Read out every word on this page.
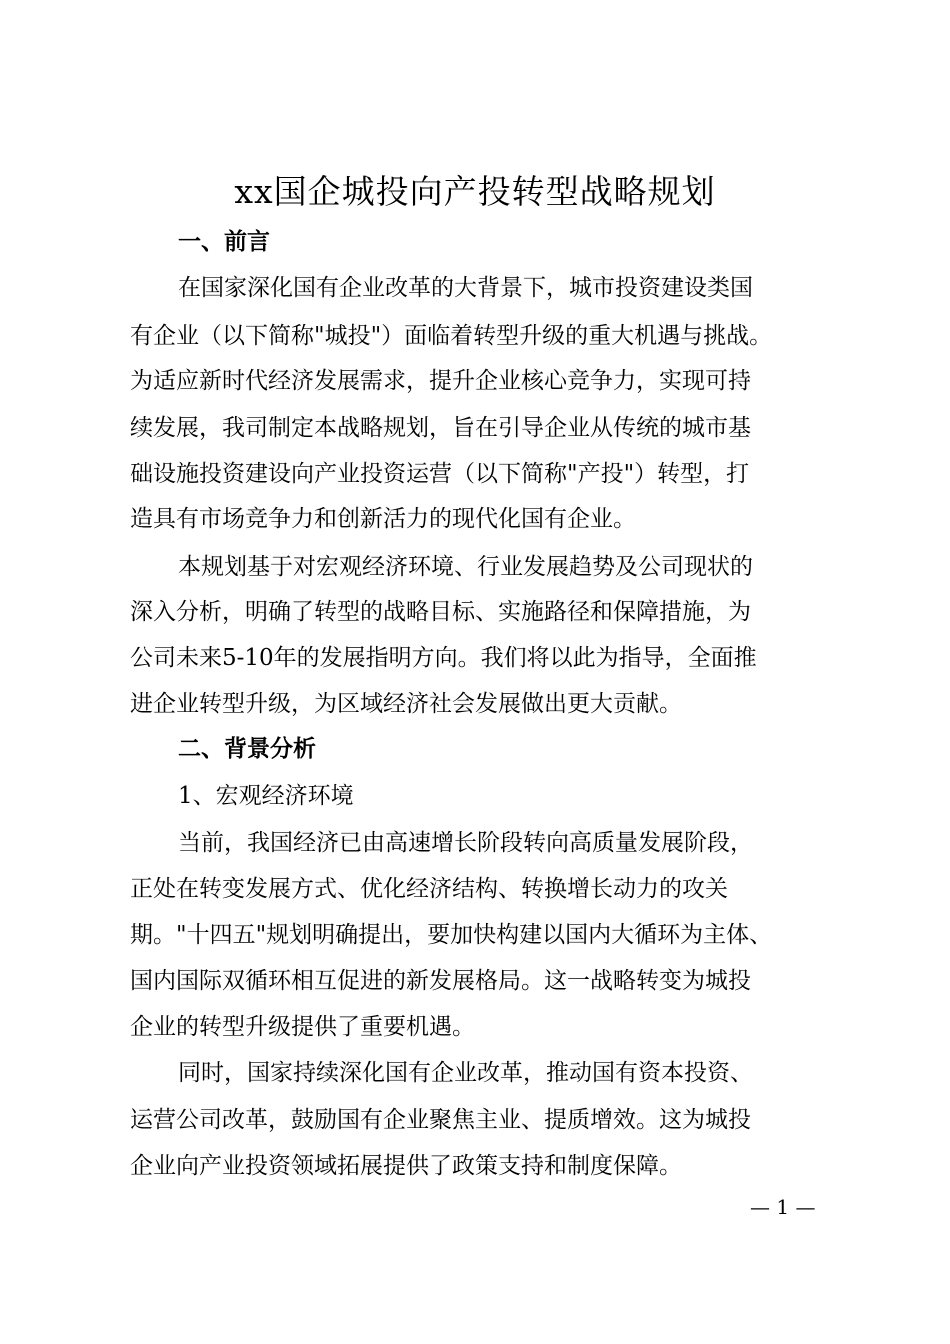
xx国企城投向产投转型战略规划
一、前言
在国家深化国有企业改革的大背景下，城市投资建设类国
有企业（以下简称"城投"）面临着转型升级的重大机遇与挑战。
为适应新时代经济发展需求，提升企业核心竞争力，实现可持
续发展，我司制定本战略规划，旨在引导企业从传统的城市基
础设施投资建设向产业投资运营（以下简称"产投"）转型，打
造具有市场竞争力和创新活力的现代化国有企业。
本规划基于对宏观经济环境、行业发展趋势及公司现状的
深入分析，明确了转型的战略目标、实施路径和保障措施，为
公司未来5-10年的发展指明方向。我们将以此为指导，全面推
进企业转型升级，为区域经济社会发展做出更大贡献。
二、背景分析
1、宏观经济环境
当前，我国经济已由高速增长阶段转向高质量发展阶段，
正处在转变发展方式、优化经济结构、转换增长动力的攻关
期。"十四五"规划明确提出，要加快构建以国内大循环为主体、
国内国际双循环相互促进的新发展格局。这一战略转变为城投
企业的转型升级提供了重要机遇。
同时，国家持续深化国有企业改革，推动国有资本投资、
运营公司改革，鼓励国有企业聚焦主业、提质增效。这为城投
企业向产业投资领域拓展提供了政策支持和制度保障。
— 1 —
